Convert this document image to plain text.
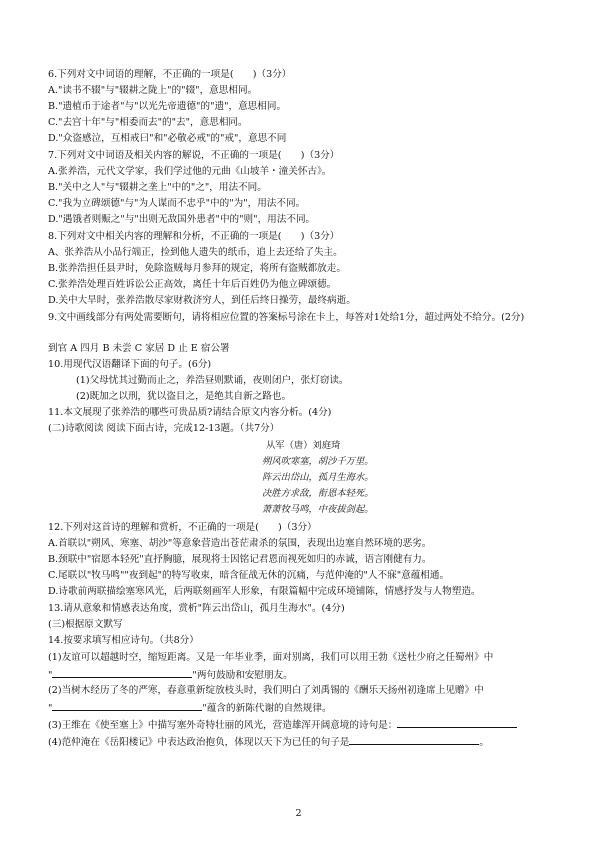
6.下列对文中词语的理解，不正确的一项是(　　)（3分）
A."读书不辍"与"辍耕之陇上"的"辍"，意思相同。
B."遗植币于途者"与"以光先帝遗德"的"遗"，意思相同。
C."去宫十年"与"相委而去"的"去"，意思相同。
D."众盗感泣，互相戒曰"和"必敬必戒"的"戒"，意思不同
7.下列对文中词语及相关内容的解说，不正确的一项是(　　)（3分）
A.张养浩，元代文学家，我们学过他的元曲《山坡羊・潼关怀古》。
B."关中之人"与"辍耕之垄上"中的"之"，用法不同。
C."我为立碑颂德"与"为人谋而不忠乎"中的"为"，用法不同。
D."遇饿者则赈之"与"出则无敌国外患者"中的"则"，用法不同。
8.下列对文中相关内容的理解和分析，不正确的一项是(　　)（3分）
A、张养浩从小品行端正，捡到他人遗失的纸币，追上去还给了失主。
B.张养浩担任县尹时，免除盗贼每月参拜的规定，将所有盗贼都放走。
C.张养浩处理百姓诉讼公正高效，离任十年后百姓仍为他立碑颂德。
D.关中大旱时，张养浩散尽家财救济穷人，到任后终日操劳，最终病逝。
9.文中画线部分有两处需要断句，请将相应位置的答案标号涂在卡上，每答对1处给1分，超过两处不给分。(2分)
到官 A 四月 B 未尝 C 家居 D 止 E 宿公署
10.用现代汉语翻译下面的句子。(6分)
(1)父母忧其过勤而止之，养浩昼则默诵，夜则闭户，张灯窃读。
(2)既加之以刑，犹以盗目之，是绝其自新之路也。
11.本文展现了张养浩的哪些可贵品质?请结合原文内容分析。(4分)
(二)诗歌阅读 阅读下面古诗，完成12-13题。（共7分）
从军（唐）刘庭琦
朔风吹寒塞，胡沙千万里。
阵云出岱山，孤月生海水。
决胜方求敌，衔恩本轻死。
萧萧牧马鸣，中夜拔剑起。
12.下列对这首诗的理解和赏析，不正确的一项是(　　)（3分）
A.首联以"朔风、寒塞、胡沙"等意象营造出苍茫肃杀的氛围，表现出边塞自然环境的恶劣。
B.颈联中"宿愿本轻死"直抒胸臆，展现将士因铭记君恩而视死如归的赤诚，语言刚健有力。
C.尾联以"牧马鸣""夜到起"的特写收束，暗含征战无休的沉痛，与范仲淹的"人不寐"意蕴相通。
D.诗歌前两联描绘塞寒风光，后两联刻画军人形象，有限篇幅中完成环境铺陈，情感抒发与人物塑造。
13.请从意象和情感表达角度，赏析"阵云出岱山，孤月生海水"。(4分)
(三)根据原文默写
14.按要求填写相应诗句。（共8分）
(1)友谊可以超越时空，缩短距离。又是一年毕业季，面对别离，我们可以用王勃《送杜少府之任蜀州》中
"	"两句鼓励和安慰朋友。
(2)当树木经历了冬的严寒，春意重新绽放枝头时，我们明白了刘禹锡的《酬乐天扬州初逢席上见赠》中
"	"蕴含的新陈代谢的自然规律。
(3)王维在《使至塞上》中描写塞外奇特壮丽的风光，营造雄浑开阔意境的诗句是：
(4)范仲淹在《岳阳楼记》中表达政治抱负，体现以天下为已任的句子是	。
2
